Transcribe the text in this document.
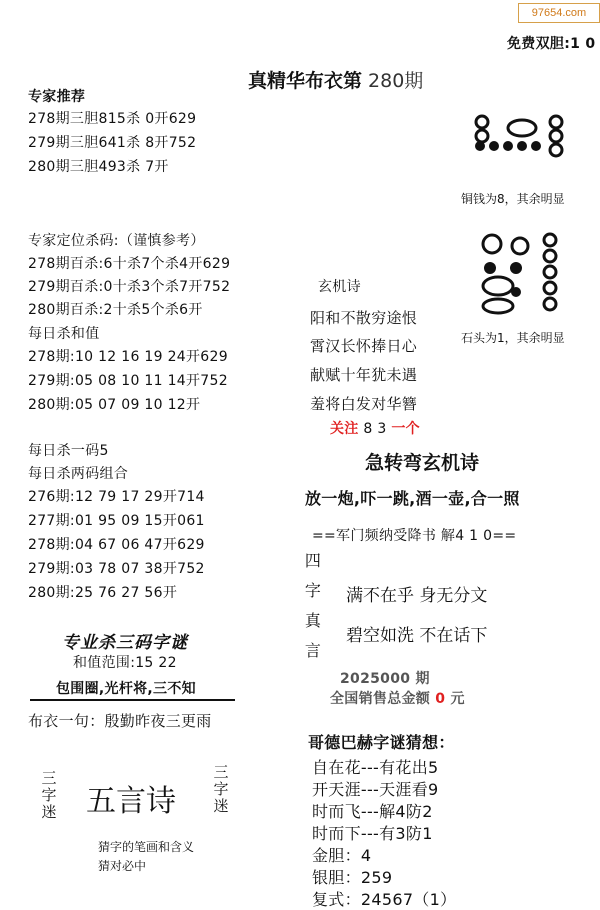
97654.com
免费双胆:1 0
真精华布衣第 280期
专家推荐
278期三胆815杀 0开629
279期三胆641杀 8开752
280期三胆493杀 7开
专家定位杀码:（谨慎参考）
278期百杀:6十杀7个杀4开629
279期百杀:0十杀3个杀7开752
280期百杀:2十杀5个杀6开
每日杀和值
278期:10 12 16 19 24开629
279期:05 08 10 11 14开752
280期:05 07 09 10 12开
每日杀一码5
每日杀两码组合
276期:12 79 17 29开714
277期:01 95 09 15开061
278期:04 67 06 47开629
279期:03 78 07 38开752
280期:25 76 27 56开
专业杀三码字谜
和值范围:15 22
包围圈,光杆将,三不知
布衣一句：殷勤昨夜三更雨
三字迷 五言诗
三字迷
猜字的笔画和含义
猜对必中
铜钱为8，其余明显
石头为1，其余明显
玄机诗
阳和不散穷途恨
霄汉长怀捧日心
献赋十年犹未遇
羞将白发对华簪
关注 8 3 一个
急转弯玄机诗
放一炮,吓一跳,酒一壶,合一照
==军门频纳受降书 解4 1 0==
四字真言
满不在乎 身无分文
碧空如洗 不在话下
2025000 期
全国销售总金额 0 元
哥德巴赫字谜猜想：
自在花---有花出5
开天涯---天涯看9
时而飞---解4防2
时而下---有3防1
金胆：4
银胆：259
复式：24567（1）
